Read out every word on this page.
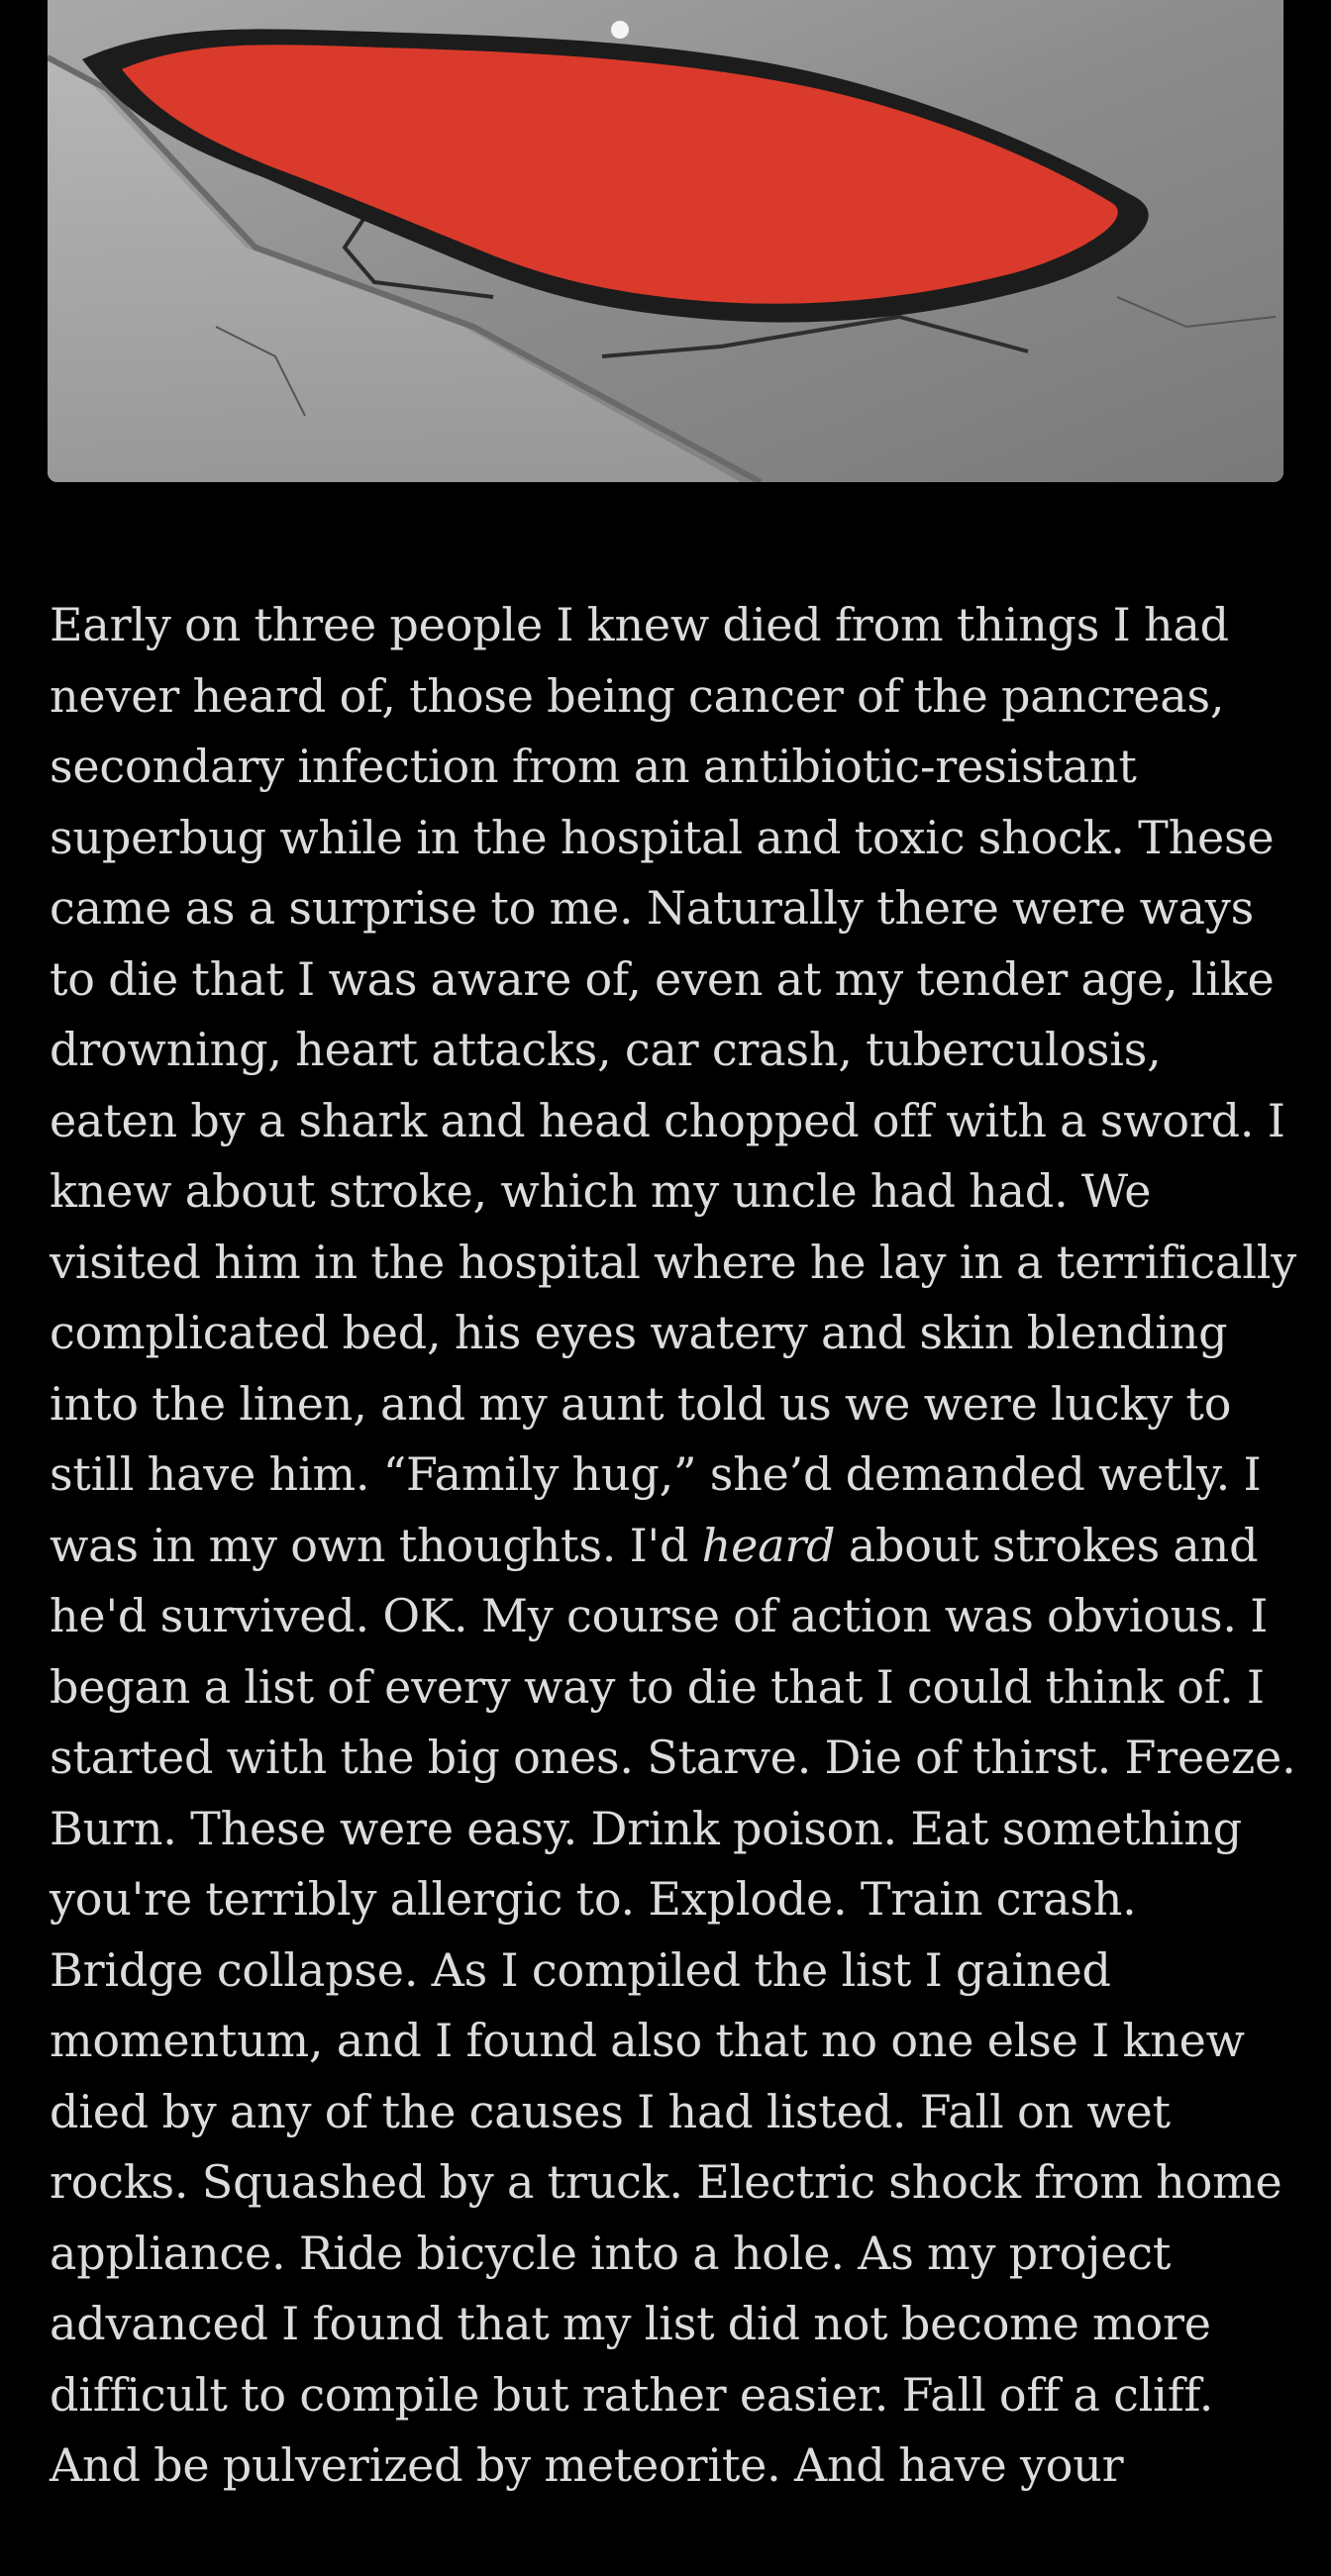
Early on three people I knew died from things I had never heard of, those being cancer of the pancreas, secondary infection from an antibiotic-resistant superbug while in the hospital and toxic shock. These came as a surprise to me. Naturally there were ways to die that I was aware of, even at my tender age, like drowning, heart attacks, car crash, tuberculosis, eaten by a shark and head chopped off with a sword. I knew about stroke, which my uncle had had. We visited him in the hospital where he lay in a terrifically complicated bed, his eyes watery and skin blending into the linen, and my aunt told us we were lucky to still have him. “Family hug,” she’d demanded wetly. I was in my own thoughts. I'd heard about strokes and he'd survived. OK. My course of action was obvious. I began a list of every way to die that I could think of. I started with the big ones. Starve. Die of thirst. Freeze. Burn. These were easy. Drink poison. Eat something you're terribly allergic to. Explode. Train crash. Bridge collapse. As I compiled the list I gained momentum, and I found also that no one else I knew died by any of the causes I had listed. Fall on wet rocks. Squashed by a truck. Electric shock from home appliance. Ride bicycle into a hole. As my project advanced I found that my list did not become more difficult to compile but rather easier. Fall off a cliff. And be pulverized by meteorite. And have your
